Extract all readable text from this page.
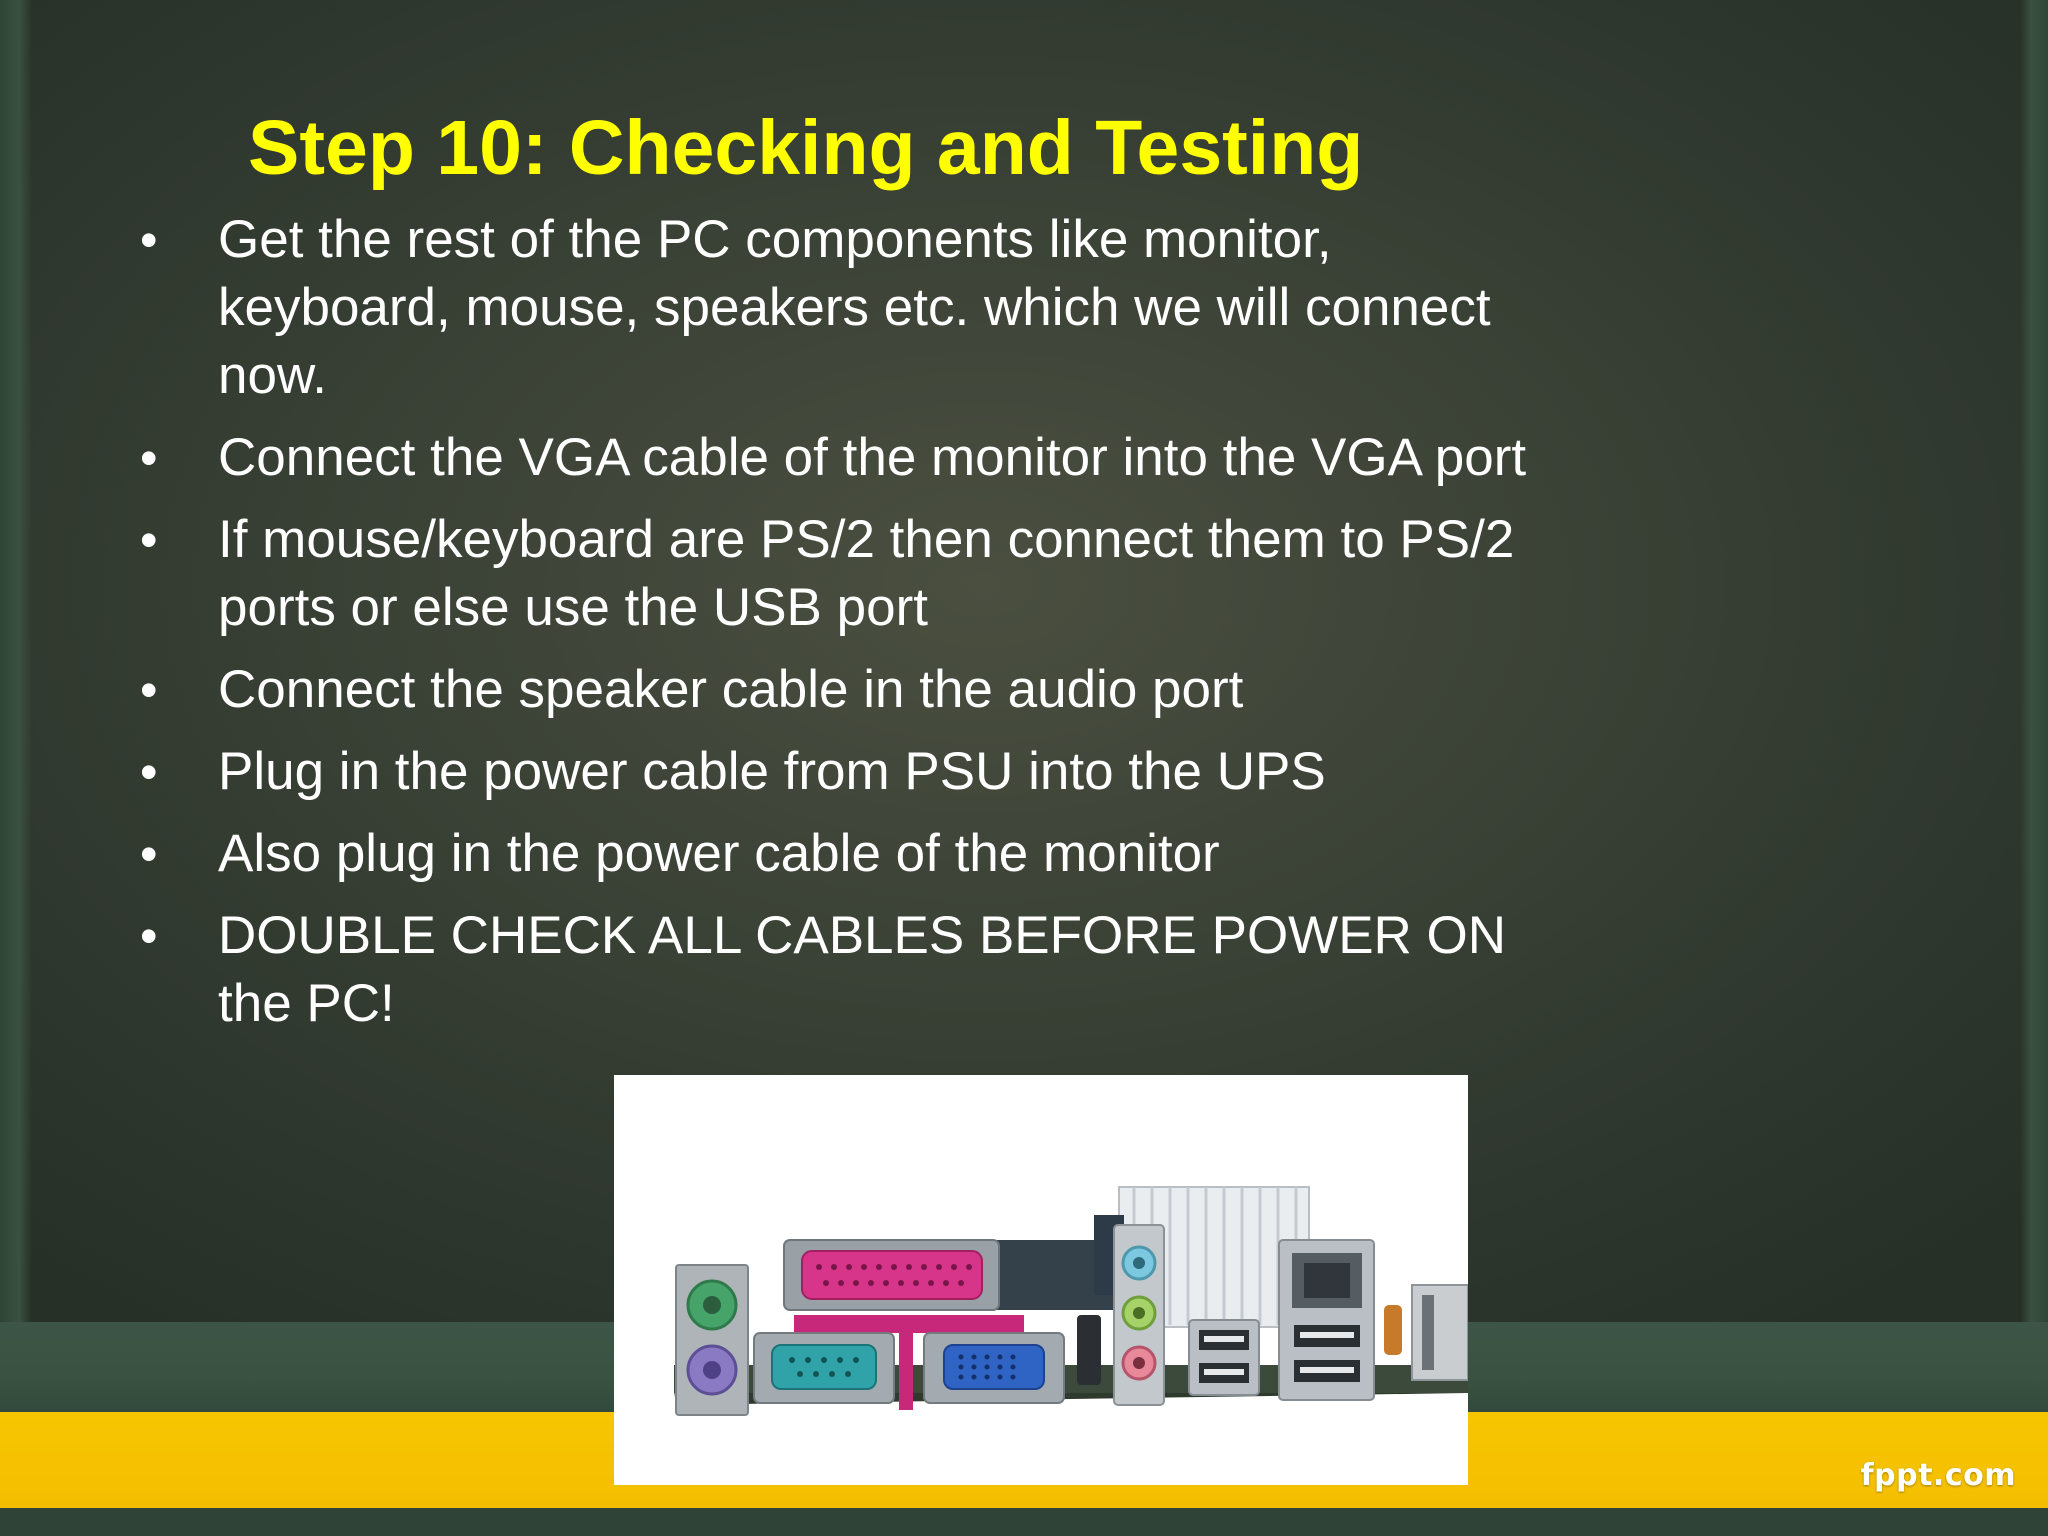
Step 10: Checking and Testing
• Get the rest of the PC components like monitor, keyboard, mouse, speakers etc. which we will connect now.
• Connect the VGA cable of the monitor into the VGA port
• If mouse/keyboard are PS/2 then connect them to PS/2 ports or else use the USB port
• Connect the speaker cable in the audio port
• Plug in the power cable from PSU into the UPS
• Also plug in the power cable of the monitor
• DOUBLE CHECK ALL CABLES BEFORE POWER ON the PC!
fppt.com
